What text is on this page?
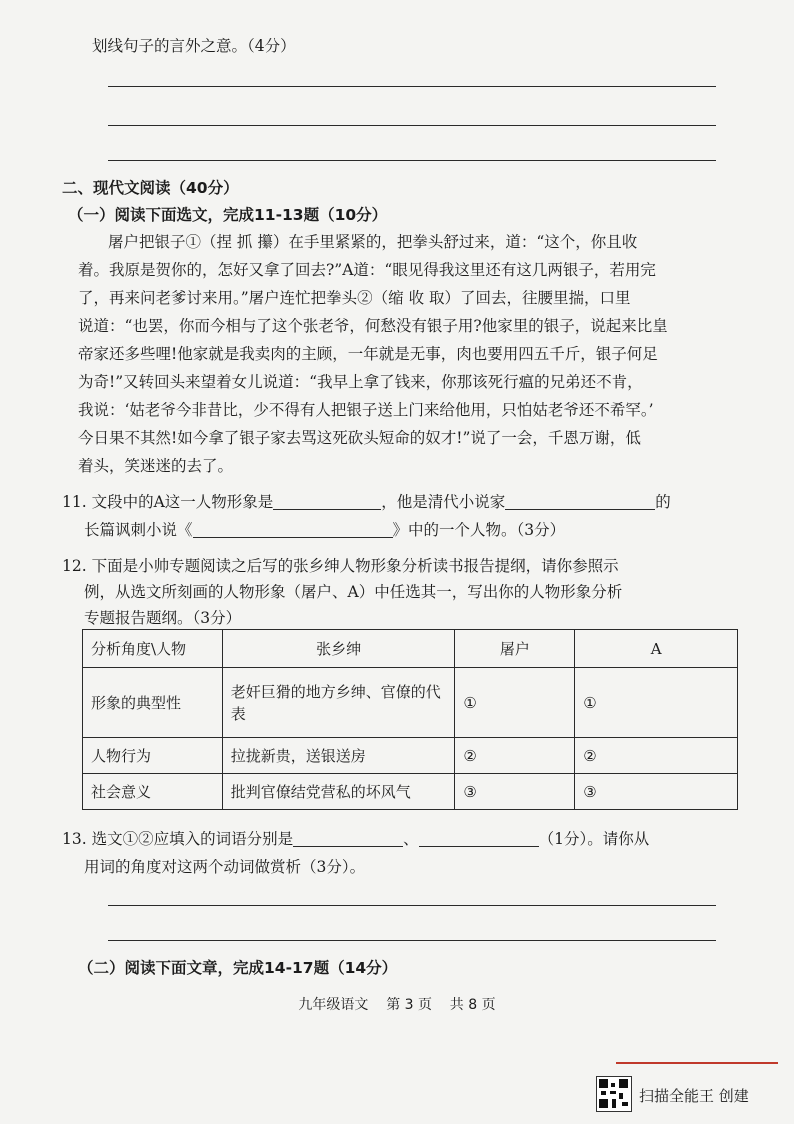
划线句子的言外之意。（4分）
二、现代文阅读（40分）
（一）阅读下面选文，完成11-13题（10分）
屠户把银子①（捏 抓 攥）在手里紧紧的，把拳头舒过来，道：“这个，你且收
着。我原是贺你的，怎好又拿了回去?”A道：“眼见得我这里还有这几两银子，若用完
了，再来问老爹讨来用。”屠户连忙把拳头②（缩 收 取）了回去，往腰里揣，口里
说道：“也罢，你而今相与了这个张老爷，何愁没有银子用?他家里的银子，说起来比皇
帝家还多些哩!他家就是我卖肉的主顾，一年就是无事，肉也要用四五千斤，银子何足
为奇!”又转回头来望着女儿说道：“我早上拿了钱来，你那该死行瘟的兄弟还不肯，
我说：‘姑老爷今非昔比，少不得有人把银子送上门来给他用，只怕姑老爷还不希罕。’
今日果不其然!如今拿了银子家去骂这死砍头短命的奴才!”说了一会，千恩万谢，低
着头，笑迷迷的去了。
11. 文段中的A这一人物形象是	，他是清代小说家	的
长篇讽刺小说《	》中的一个人物。（3分）
12. 下面是小帅专题阅读之后写的张乡绅人物形象分析读书报告提纲，请你参照示
例，从选文所刻画的人物形象（屠户、A）中任选其一，写出你的人物形象分析
专题报告题纲。（3分）
分析角度\人物	张乡绅	屠户	A
形象的典型性	老奸巨猾的地方乡绅、官僚的代表	①	①
人物行为	拉拢新贵，送银送房	②	②
社会意义	批判官僚结党营私的坏风气	③	③
13. 选文①②应填入的词语分别是	、	（1分）。请你从
用词的角度对这两个动词做赏析（3分）。
（二）阅读下面文章，完成14-17题（14分）
九年级语文    第 3 页    共 8 页
扫描全能王 创建
